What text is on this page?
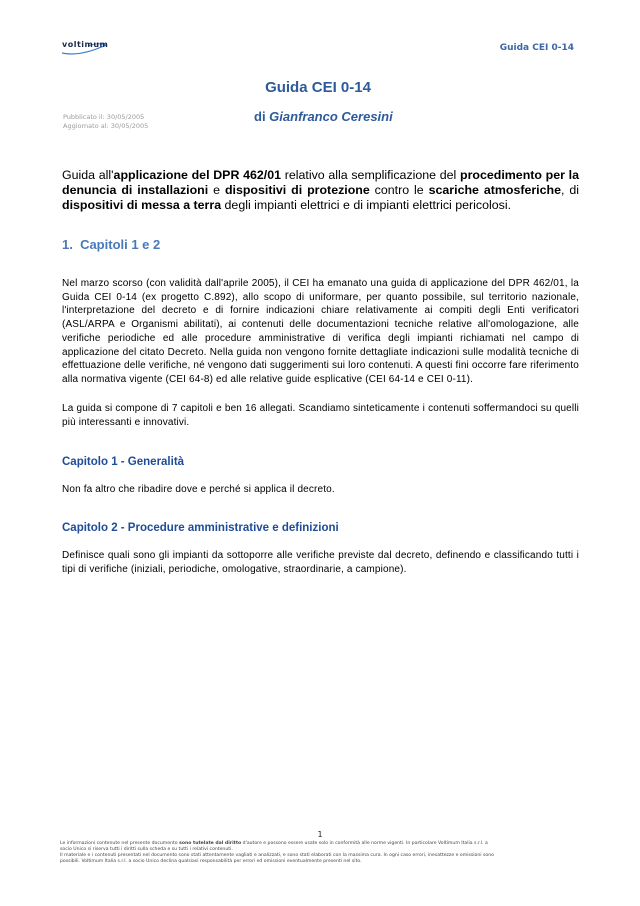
voltimum	Guida CEI 0-14
Guida CEI 0-14
Pubblicato il: 30/05/2005
Aggiornato al: 30/05/2005
di Gianfranco Ceresini
Guida all'applicazione del DPR 462/01 relativo alla semplificazione del procedimento per la denuncia di installazioni e dispositivi di protezione contro le scariche atmosferiche, di dispositivi di messa a terra degli impianti elettrici e di impianti elettrici pericolosi.
1.  Capitoli 1 e 2
Nel marzo scorso (con validità dall'aprile 2005), il CEI ha emanato una guida di applicazione del DPR 462/01, la Guida CEI 0-14 (ex progetto C.892), allo scopo di uniformare, per quanto possibile, sul territorio nazionale, l'interpretazione del decreto e di fornire indicazioni chiare relativamente ai compiti degli Enti verificatori (ASL/ARPA e Organismi abilitati), ai contenuti delle documentazioni tecniche relative all'omologazione, alle verifiche periodiche ed alle procedure amministrative di verifica degli impianti richiamati nel campo di applicazione del citato Decreto. Nella guida non vengono fornite dettagliate indicazioni sulle modalità tecniche di effettuazione delle verifiche, né vengono dati suggerimenti sui loro contenuti. A questi fini occorre fare riferimento alla normativa vigente (CEI 64-8) ed alle relative guide esplicative (CEI 64-14 e CEI 0-11).
La guida si compone di 7 capitoli e ben 16 allegati. Scandiamo sinteticamente i contenuti soffermandoci su quelli più interessanti e innovativi.
Capitolo 1 - Generalità
Non fa altro che ribadire dove e perché si applica il decreto.
Capitolo 2 - Procedure amministrative e definizioni
Definisce quali sono gli impianti da sottoporre alle verifiche previste dal decreto, definendo e classificando tutti i tipi di verifiche (iniziali, periodiche, omologative, straordinarie, a campione).
1
Le informazioni contenute nel presente documento sono tutelate dal diritto d'autore e possono essere usate solo in conformità alle norme vigenti. In particolare Voltimum Italia s.r.l. a
socio Unico si riserva tutti i diritti sulla scheda e su tutti i relativi contenuti.
Il materiale e i contenuti presentati nel documento sono stati attentamente vagliati e analizzati, e sono stati elaborati con la massima cura. In ogni caso errori, inesattezze e omissioni sono
possibili. Voltimum Italia s.r.l. a socio Unico declina qualsiasi responsabilità per errori ed omissioni eventualmente presenti nel sito.
